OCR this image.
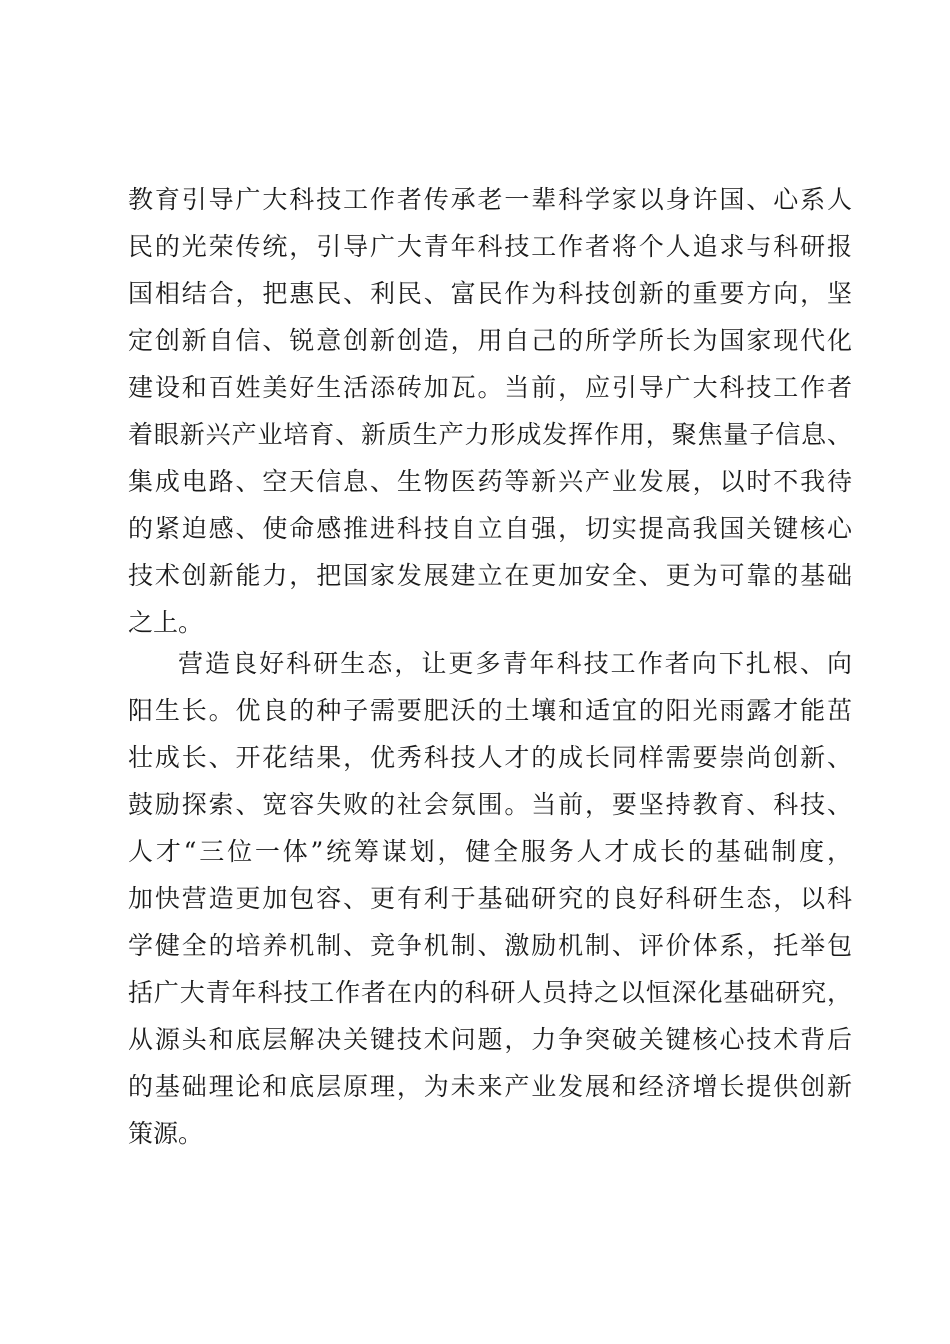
教育引导广大科技工作者传承老一辈科学家以身许国、心系人
民的光荣传统，引导广大青年科技工作者将个人追求与科研报
国相结合，把惠民、利民、富民作为科技创新的重要方向，坚
定创新自信、锐意创新创造，用自己的所学所长为国家现代化
建设和百姓美好生活添砖加瓦。当前，应引导广大科技工作者
着眼新兴产业培育、新质生产力形成发挥作用，聚焦量子信息、
集成电路、空天信息、生物医药等新兴产业发展，以时不我待
的紧迫感、使命感推进科技自立自强，切实提高我国关键核心
技术创新能力，把国家发展建立在更加安全、更为可靠的基础
之上。
营造良好科研生态，让更多青年科技工作者向下扎根、向
阳生长。优良的种子需要肥沃的土壤和适宜的阳光雨露才能茁
壮成长、开花结果，优秀科技人才的成长同样需要崇尚创新、
鼓励探索、宽容失败的社会氛围。当前，要坚持教育、科技、
人才“三位一体”统筹谋划，健全服务人才成长的基础制度，
加快营造更加包容、更有利于基础研究的良好科研生态，以科
学健全的培养机制、竞争机制、激励机制、评价体系，托举包
括广大青年科技工作者在内的科研人员持之以恒深化基础研究，
从源头和底层解决关键技术问题，力争突破关键核心技术背后
的基础理论和底层原理，为未来产业发展和经济增长提供创新
策源。
